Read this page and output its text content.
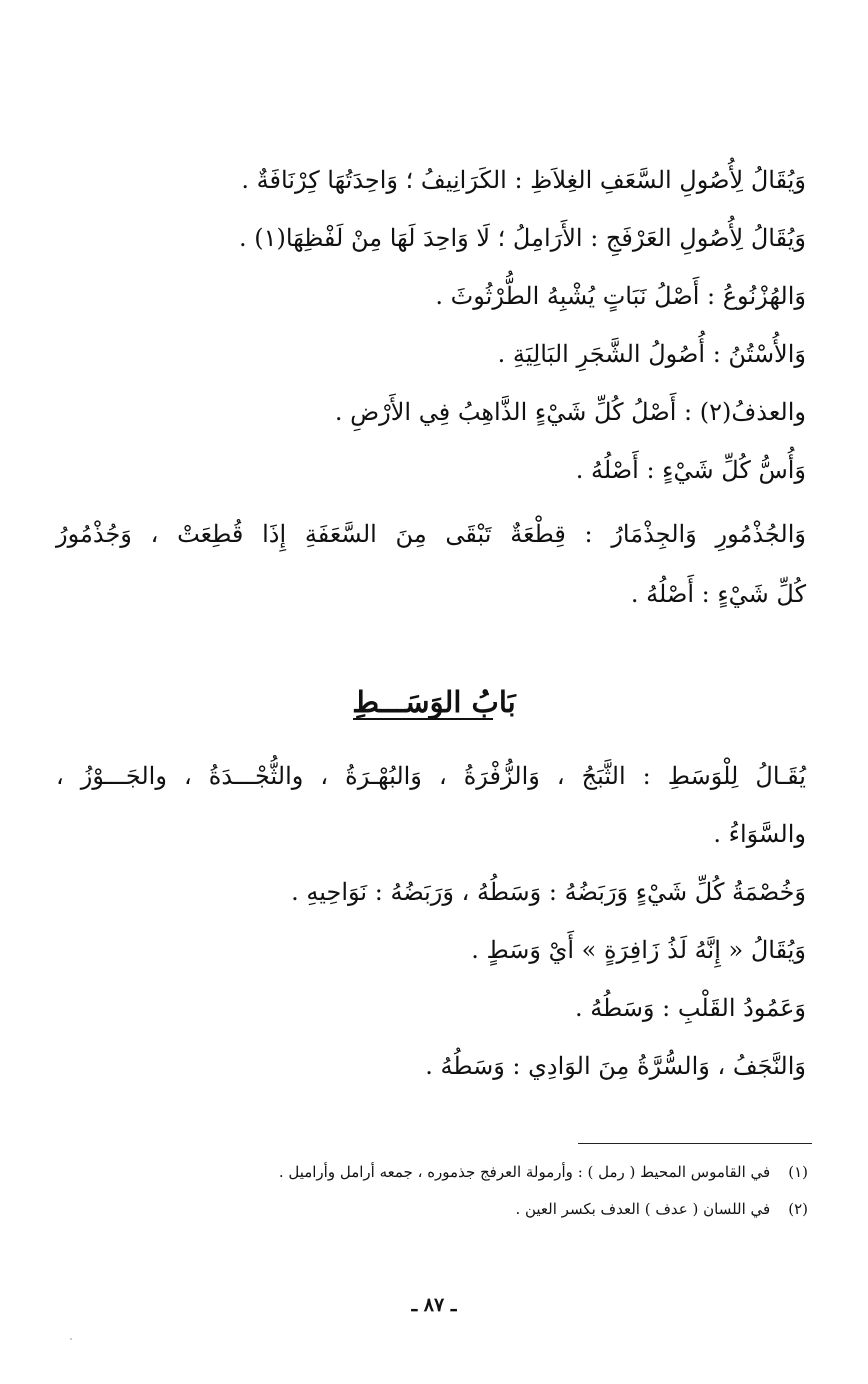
وَيُقَالُ لِأُصُولِ السَّعَفِ الغِلاَظِ : الكَرَانِيفُ ؛ وَاحِدَتُهَا كِرْنَافَةٌ .
وَيُقَالُ لِأُصُولِ العَرْفَجِ : الأَرَامِلُ ؛ لَا وَاحِدَ لَهَا مِنْ لَفْظِهَا(١) .
وَالهُزْنُوعُ : أَصْلُ نَبَاتٍ يُشْبِهُ الطُّرْثُوثَ .
وَالأُسْتُنُ : أُصُولُ الشَّجَرِ البَالِيَةِ .
والعذفُ(٢) : أَصْلُ كُلِّ شَيْءٍ الذَّاهِبُ فِي الأَرْضِ .
وَأُسُّ كُلِّ شَيْءٍ : أَصْلُهُ .
وَالجُذْمُورِ وَالجِذْمَارُ : قِطْعَةٌ تَبْقَى مِنَ السَّعَفَةِ إِذَا قُطِعَتْ ، وَجُذْمُورُ
كُلِّ شَيْءٍ : أَصْلُهُ .
بَابُ الوَسَـــطِ
يُقَـالُ لِلْوَسَطِ : الثَّبَجُ ، وَالزُّفْرَةُ ، وَالبُهْـرَةُ ، والثُّجْـــدَةُ ، والجَـــوْزُ ،
والسَّوَاءُ .
وَخُصْمَةُ كُلِّ شَيْءٍ وَرَبَضُهُ : وَسَطُهُ ، وَرَبَضُهُ : نَوَاحِيهِ .
وَيُقَالُ « إِنَّهُ لَذُ زَافِرَةٍ » أَيْ وَسَطٍ .
وَعَمُودُ القَلْبِ : وَسَطُهُ .
وَالنَّجَفُ ، وَالسُّرَّةُ مِنَ الوَادِي : وَسَطُهُ .
(١)في القاموس المحيط ( رمل ) : وأرمولة العرفج جذموره ، جمعه أرامل وأراميل .
(٢)في اللسان ( عدف ) العدف بكسر العين .
ـ ٨٧ ـ
